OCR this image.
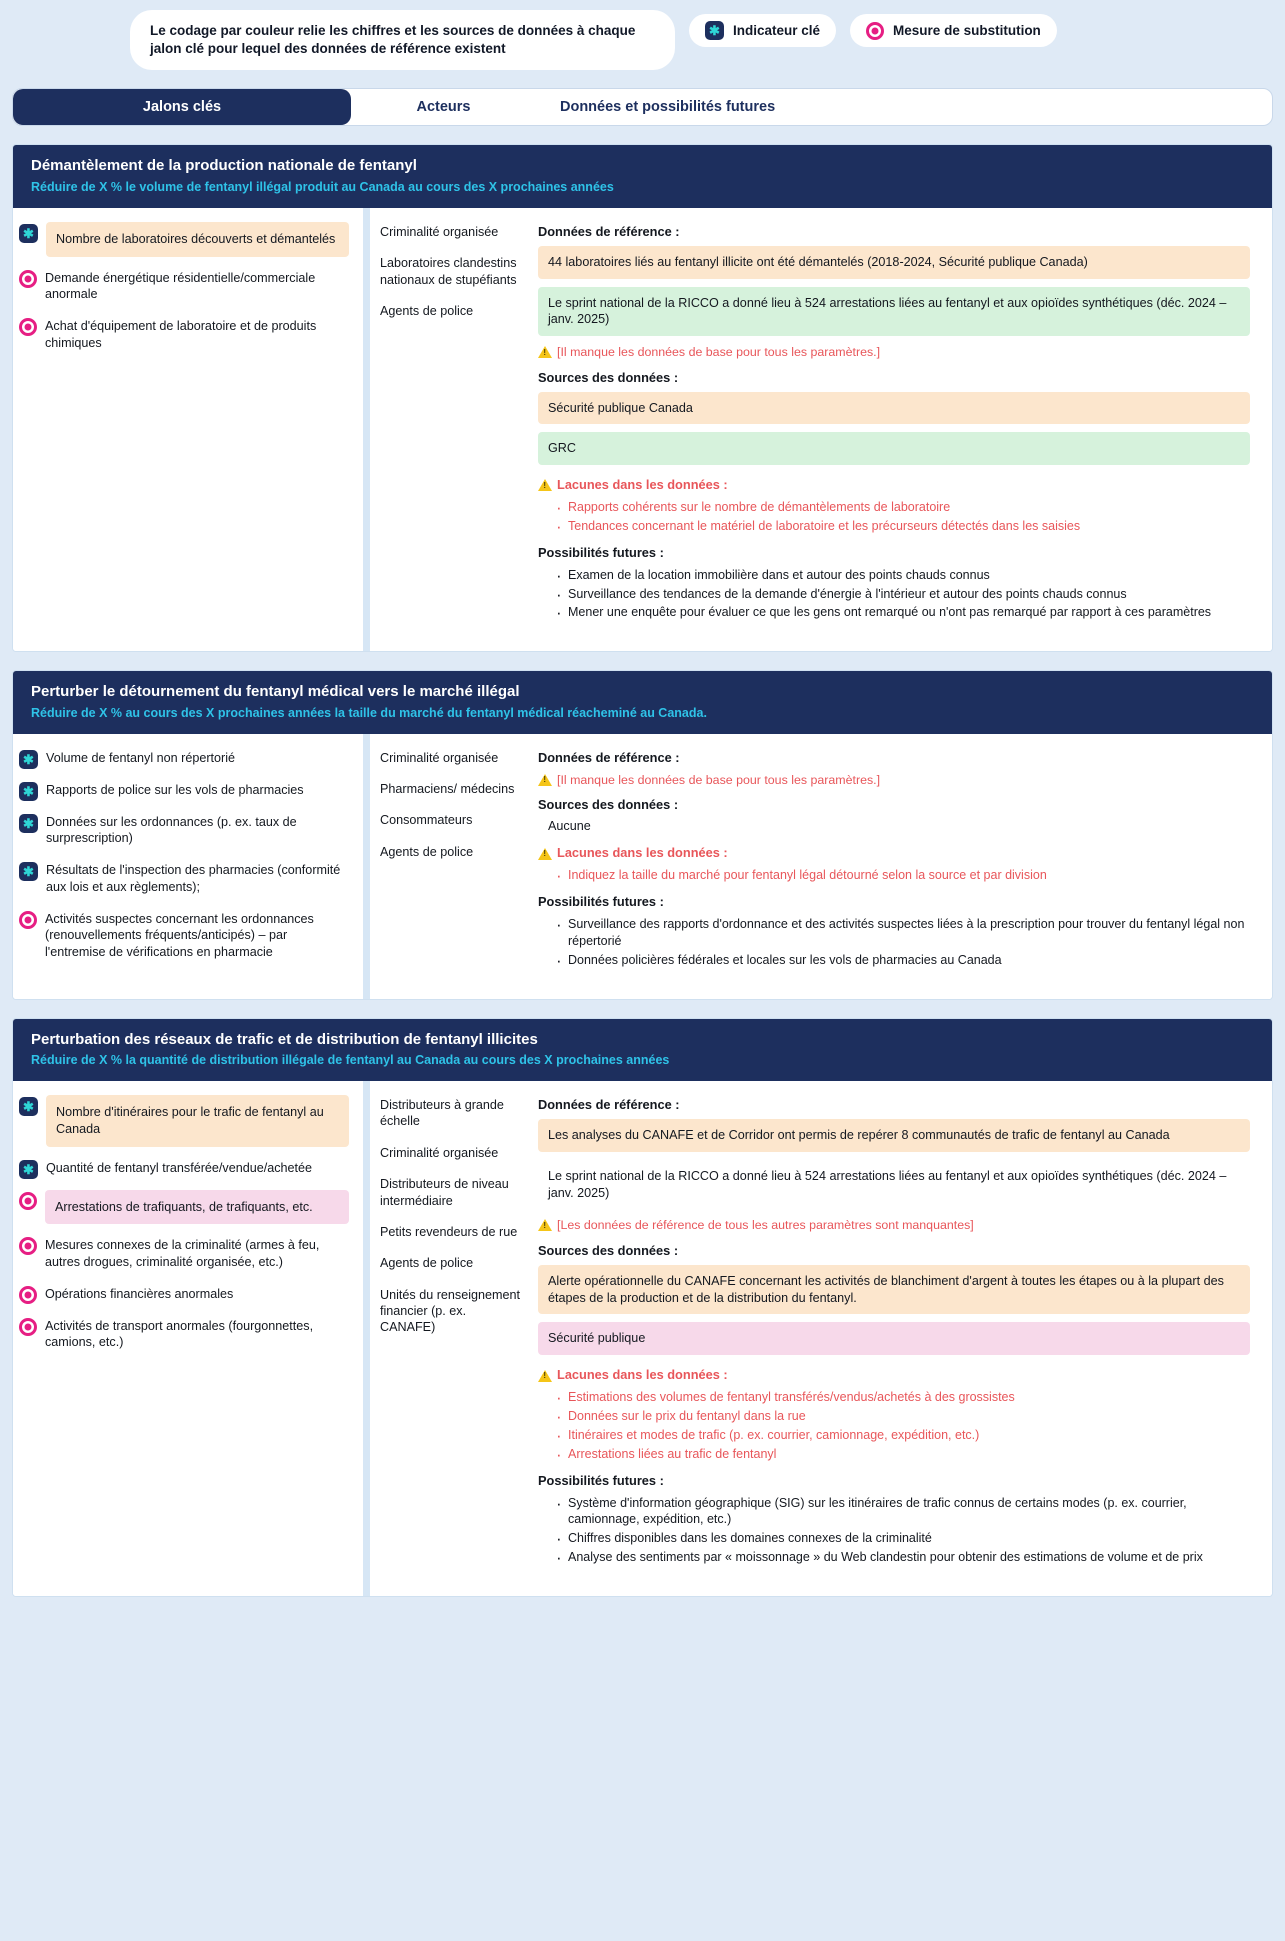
Le codage par couleur relie les chiffres et les sources de données à chaque jalon clé pour lequel des données de référence existent
✱ Indicateur clé	Mesure de substitution
Jalons clés	Acteurs	Données et possibilités futures
Démantèlement de la production nationale de fentanyl
Réduire de X % le volume de fentanyl illégal produit au Canada au cours des X prochaines années
✱	Nombre de laboratoires découverts et démantelés
Demande énergétique résidentielle/commerciale anormale
Achat d'équipement de laboratoire et de produits chimiques
Criminalité organisée
Laboratoires clandestins nationaux de stupéfiants
Agents de police
Données de référence :
44 laboratoires liés au fentanyl illicite ont été démantelés (2018-2024, Sécurité publique Canada)
Le sprint national de la RICCO a donné lieu à 524 arrestations liées au fentanyl et aux opioïdes synthétiques (déc. 2024 – janv. 2025)
!
[Il manque les données de base pour tous les paramètres.]
Sources des données :
Sécurité publique Canada
GRC
!
Lacunes dans les données :
· Rapports cohérents sur le nombre de démantèlements de laboratoire
· Tendances concernant le matériel de laboratoire et les précurseurs détectés dans les saisies
Possibilités futures :
· Examen de la location immobilière dans et autour des points chauds connus
· Surveillance des tendances de la demande d'énergie à l'intérieur et autour des points chauds connus
· Mener une enquête pour évaluer ce que les gens ont remarqué ou n'ont pas remarqué par rapport à ces paramètres
Perturber le détournement du fentanyl médical vers le marché illégal
Réduire de X % au cours des X prochaines années la taille du marché du fentanyl médical réacheminé au Canada.
✱ Volume de fentanyl non répertorié
✱ Rapports de police sur les vols de pharmacies
✱ Données sur les ordonnances (p. ex. taux de surprescription)
✱ Résultats de l'inspection des pharmacies (conformité aux lois et aux règlements);
Activités suspectes concernant les ordonnances (renouvellements fréquents/anticipés) – par l'entremise de vérifications en pharmacie
Criminalité organisée
Pharmaciens/ médecins
Consommateurs
Agents de police
Données de référence :
!
[Il manque les données de base pour tous les paramètres.]
Sources des données :
Aucune
!
Lacunes dans les données :
· Indiquez la taille du marché pour fentanyl légal détourné selon la source et par division
Possibilités futures :
· Surveillance des rapports d'ordonnance et des activités suspectes liées à la prescription pour trouver du fentanyl légal non répertorié
· Données policières fédérales et locales sur les vols de pharmacies au Canada
Perturbation des réseaux de trafic et de distribution de fentanyl illicites
Réduire de X % la quantité de distribution illégale de fentanyl au Canada au cours des X prochaines années
✱	Nombre d'itinéraires pour le trafic de fentanyl au Canada
✱ Quantité de fentanyl transférée/vendue/achetée
Arrestations de trafiquants, de trafiquants, etc.
Mesures connexes de la criminalité (armes à feu, autres drogues, criminalité organisée, etc.)
Opérations financières anormales
Activités de transport anormales (fourgonnettes, camions, etc.)
Distributeurs à grande échelle
Criminalité organisée
Distributeurs de niveau intermédiaire
Petits revendeurs de rue
Agents de police
Unités du renseignement financier (p. ex. CANAFE)
Données de référence :
Les analyses du CANAFE et de Corridor ont permis de repérer 8 communautés de trafic de fentanyl au Canada
Le sprint national de la RICCO a donné lieu à 524 arrestations liées au fentanyl et aux opioïdes synthétiques (déc. 2024 – janv. 2025)
!
[Les données de référence de tous les autres paramètres sont manquantes]
Sources des données :
Alerte opérationnelle du CANAFE concernant les activités de blanchiment d'argent à toutes les étapes ou à la plupart des étapes de la production et de la distribution du fentanyl.
Sécurité publique
!
Lacunes dans les données :
· Estimations des volumes de fentanyl transférés/vendus/achetés à des grossistes
· Données sur le prix du fentanyl dans la rue
· Itinéraires et modes de trafic (p. ex. courrier, camionnage, expédition, etc.)
· Arrestations liées au trafic de fentanyl
Possibilités futures :
· Système d'information géographique (SIG) sur les itinéraires de trafic connus de certains modes (p. ex. courrier, camionnage, expédition, etc.)
· Chiffres disponibles dans les domaines connexes de la criminalité
· Analyse des sentiments par « moissonnage » du Web clandestin pour obtenir des estimations de volume et de prix
